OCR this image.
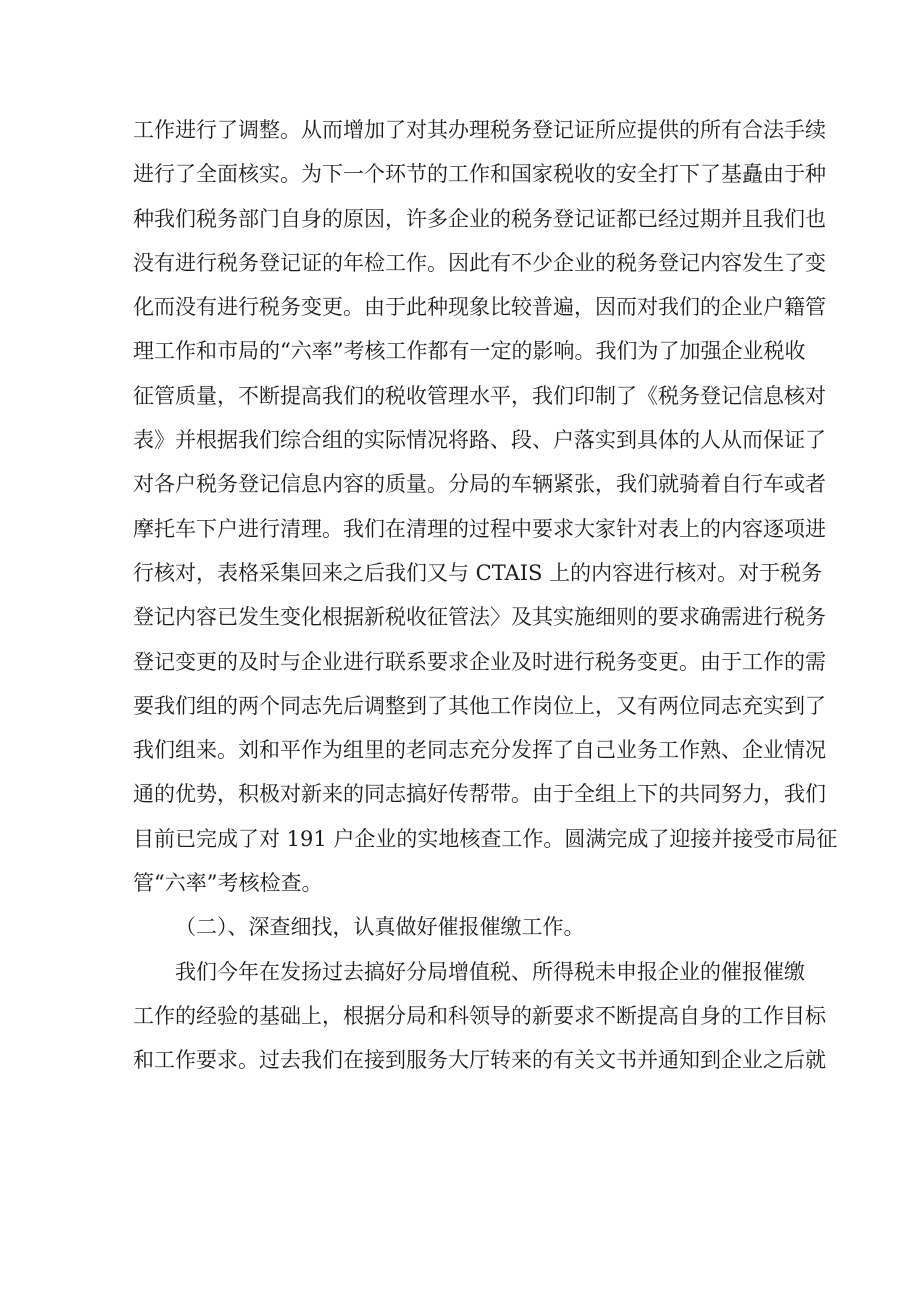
工作进行了调整。从而增加了对其办理税务登记证所应提供的所有合法手续
进行了全面核实。为下一个环节的工作和国家税收的安全打下了基矗由于种
种我们税务部门自身的原因，许多企业的税务登记证都已经过期并且我们也
没有进行税务登记证的年检工作。因此有不少企业的税务登记内容发生了变
化而没有进行税务变更。由于此种现象比较普遍，因而对我们的企业户籍管
理工作和市局的“六率”考核工作都有一定的影响。我们为了加强企业税收
征管质量，不断提高我们的税收管理水平，我们印制了《税务登记信息核对
表》并根据我们综合组的实际情况将路、段、户落实到具体的人从而保证了
对各户税务登记信息内容的质量。分局的车辆紧张，我们就骑着自行车或者
摩托车下户进行清理。我们在清理的过程中要求大家针对表上的内容逐项进
行核对，表格采集回来之后我们又与 CTAIS 上的内容进行核对。对于税务
登记内容已发生变化根据新税收征管法〉及其实施细则的要求确需进行税务
登记变更的及时与企业进行联系要求企业及时进行税务变更。由于工作的需
要我们组的两个同志先后调整到了其他工作岗位上，又有两位同志充实到了
我们组来。刘和平作为组里的老同志充分发挥了自己业务工作熟、企业情况
通的优势，积极对新来的同志搞好传帮带。由于全组上下的共同努力，我们
目前已完成了对 191 户企业的实地核查工作。圆满完成了迎接并接受市局征
管“六率”考核检查。
（二）、深查细找，认真做好催报催缴工作。
我们今年在发扬过去搞好分局增值税、所得税未申报企业的催报催缴
工作的经验的基础上，根据分局和科领导的新要求不断提高自身的工作目标
和工作要求。过去我们在接到服务大厅转来的有关文书并通知到企业之后就
